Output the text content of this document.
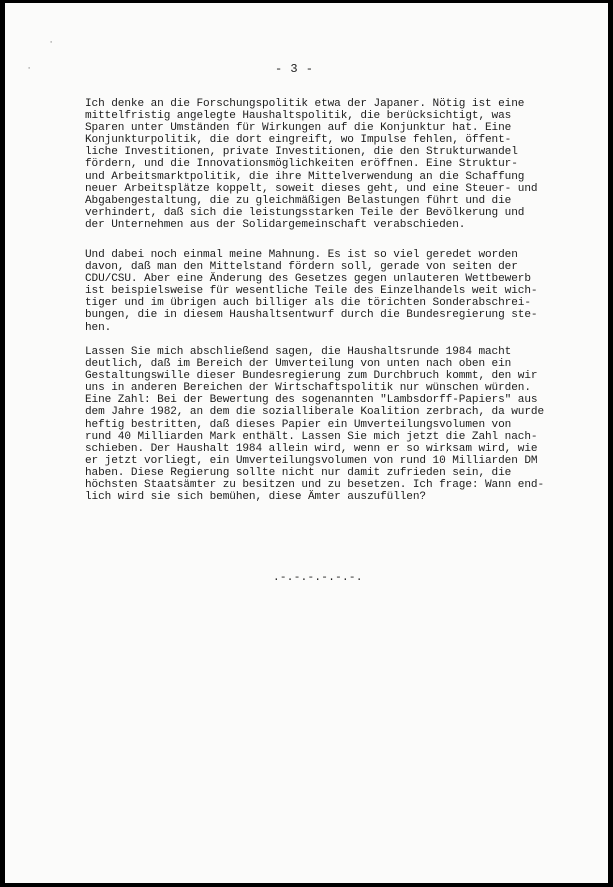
·
·	- 3 -
Ich denke an die Forschungspolitik etwa der Japaner. Nötig ist eine
mittelfristig angelegte Haushaltspolitik, die berücksichtigt, was
Sparen unter Umständen für Wirkungen auf die Konjunktur hat. Eine
Konjunkturpolitik, die dort eingreift, wo Impulse fehlen, öffent-
liche Investitionen, private Investitionen, die den Strukturwandel
fördern, und die Innovationsmöglichkeiten eröffnen. Eine Struktur-
und Arbeitsmarktpolitik, die ihre Mittelverwendung an die Schaffung
neuer Arbeitsplätze koppelt, soweit dieses geht, und eine Steuer- und
Abgabengestaltung, die zu gleichmäßigen Belastungen führt und die
verhindert, daß sich die leistungsstarken Teile der Bevölkerung und
der Unternehmen aus der Solidargemeinschaft verabschieden.
Und dabei noch einmal meine Mahnung. Es ist so viel geredet worden
davon, daß man den Mittelstand fördern soll, gerade von seiten der
CDU/CSU. Aber eine Änderung des Gesetzes gegen unlauteren Wettbewerb
ist beispielsweise für wesentliche Teile des Einzelhandels weit wich-
tiger und im übrigen auch billiger als die törichten Sonderabschrei-
bungen, die in diesem Haushaltsentwurf durch die Bundesregierung ste-
hen.
Lassen Sie mich abschließend sagen, die Haushaltsrunde 1984 macht
deutlich, daß im Bereich der Umverteilung von unten nach oben ein
Gestaltungswille dieser Bundesregierung zum Durchbruch kommt, den wir
uns in anderen Bereichen der Wirtschaftspolitik nur wünschen würden.
Eine Zahl: Bei der Bewertung des sogenannten "Lambsdorff-Papiers" aus
dem Jahre 1982, an dem die sozialliberale Koalition zerbrach, da wurde
heftig bestritten, daß dieses Papier ein Umverteilungsvolumen von
rund 40 Milliarden Mark enthält. Lassen Sie mich jetzt die Zahl nach-
schieben. Der Haushalt 1984 allein wird, wenn er so wirksam wird, wie
er jetzt vorliegt, ein Umverteilungsvolumen von rund 10 Milliarden DM
haben. Diese Regierung sollte nicht nur damit zufrieden sein, die
höchsten Staatsämter zu besitzen und zu besetzen. Ich frage: Wann end-
lich wird sie sich bemühen, diese Ämter auszufüllen?
.-.-.-.-.-.-.
